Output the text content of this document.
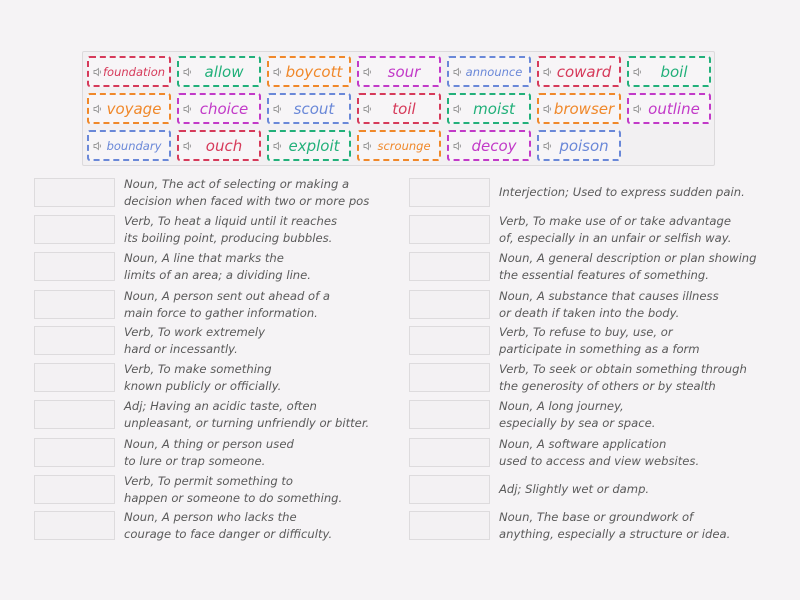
foundation	allow	boycott	sour	announce	coward	boil
voyage	choice	scout	toil	moist	browser	outline
boundary	ouch	exploit	scrounge	decoy	poison
Noun, The act of selecting or making a
decision when faced with two or more pos
Verb, To heat a liquid until it reaches
its boiling point, producing bubbles.
Noun, A line that marks the
limits of an area; a dividing line.
Noun, A person sent out ahead of a
main force to gather information.
Verb, To work extremely
hard or incessantly.
Verb, To make something
known publicly or officially.
Adj; Having an acidic taste, often
unpleasant, or turning unfriendly or bitter.
Noun, A thing or person used
to lure or trap someone.
Verb, To permit something to
happen or someone to do something.
Noun, A person who lacks the
courage to face danger or difficulty.
Interjection; Used to express sudden pain.
Verb, To make use of or take advantage
of, especially in an unfair or selfish way.
Noun, A general description or plan showing
the essential features of something.
Noun, A substance that causes illness
or death if taken into the body.
Verb, To refuse to buy, use, or
participate in something as a form
Verb, To seek or obtain something through
the generosity of others or by stealth
Noun, A long journey,
especially by sea or space.
Noun, A software application
used to access and view websites.
Adj; Slightly wet or damp.
Noun, The base or groundwork of
anything, especially a structure or idea.
